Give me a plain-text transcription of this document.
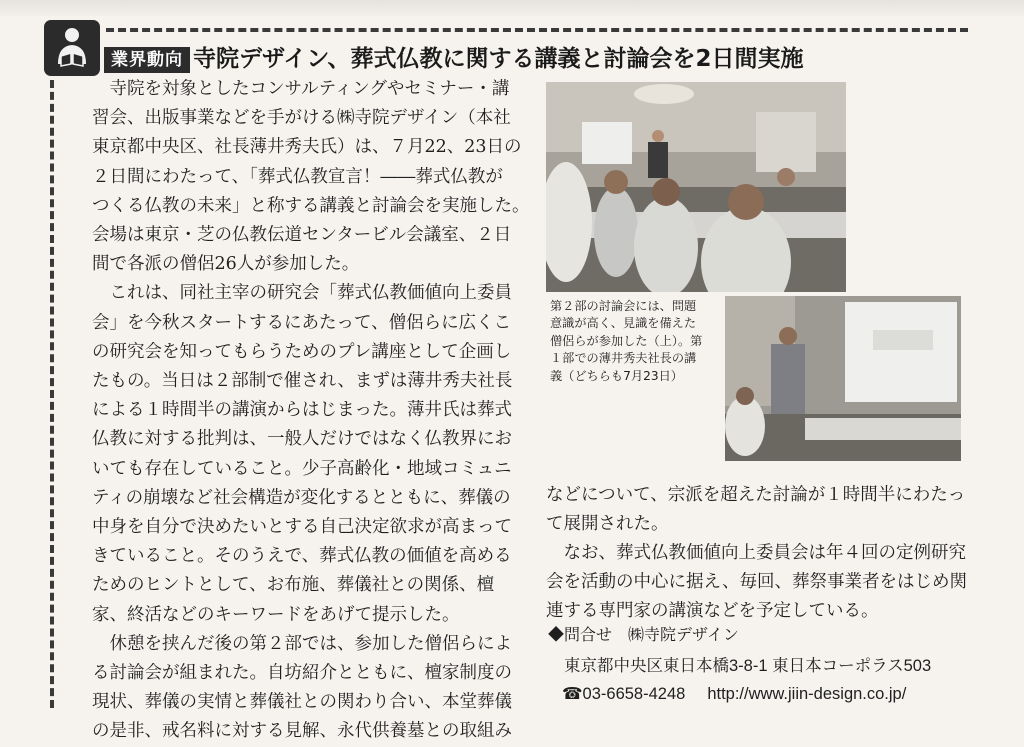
業界動向 寺院デザイン、葬式仏教に関する講義と討論会を2日間実施

　寺院を対象としたコンサルティングやセミナー・講

習会、出版事業などを手がける㈱寺院デザイン（本社

東京都中央区、社長薄井秀夫氏）は、７月22、23日の

２日間にわたって、「葬式仏教宣言！――葬式仏教が

つくる仏教の未来」と称する講義と討論会を実施した。

会場は東京・芝の仏教伝道センタービル会議室、２日

間で各派の僧侶26人が参加した。

　これは、同社主宰の研究会「葬式仏教価値向上委員

会」を今秋スタートするにあたって、僧侶らに広くこ

の研究会を知ってもらうためのプレ講座として企画し

たもの。当日は２部制で催され、まずは薄井秀夫社長

による１時間半の講演からはじまった。薄井氏は葬式

仏教に対する批判は、一般人だけではなく仏教界にお

いても存在していること。少子高齢化・地域コミュニ

ティの崩壊など社会構造が変化するとともに、葬儀の

中身を自分で決めたいとする自己決定欲求が高まって

きていること。そのうえで、葬式仏教の価値を高める

ためのヒントとして、お布施、葬儀社との関係、檀

家、終活などのキーワードをあげて提示した。

　休憩を挟んだ後の第２部では、参加した僧侶らによ

る討論会が組まれた。自坊紹介とともに、檀家制度の

現状、葬儀の実情と葬儀社との関わり合い、本堂葬儀

の是非、戒名料に対する見解、永代供養墓との取組み

第２部の討論会には、問題
意識が高く、見識を備えた
僧侶らが参加した（上）。第
１部での薄井秀夫社長の講
義（どちらも7月23日）

などについて、宗派を超えた討論が１時間半にわたっ

て展開された。

　なお、葬式仏教価値向上委員会は年４回の定例研究

会を活動の中心に据え、毎回、葬祭事業者をはじめ関

連する専門家の講演などを予定している。

◆問合せ　㈱寺院デザイン
東京都中央区東日本橋3-8-1 東日本コーポラス503
☎03-6658-4248 http://www.jiin-design.co.jp/
